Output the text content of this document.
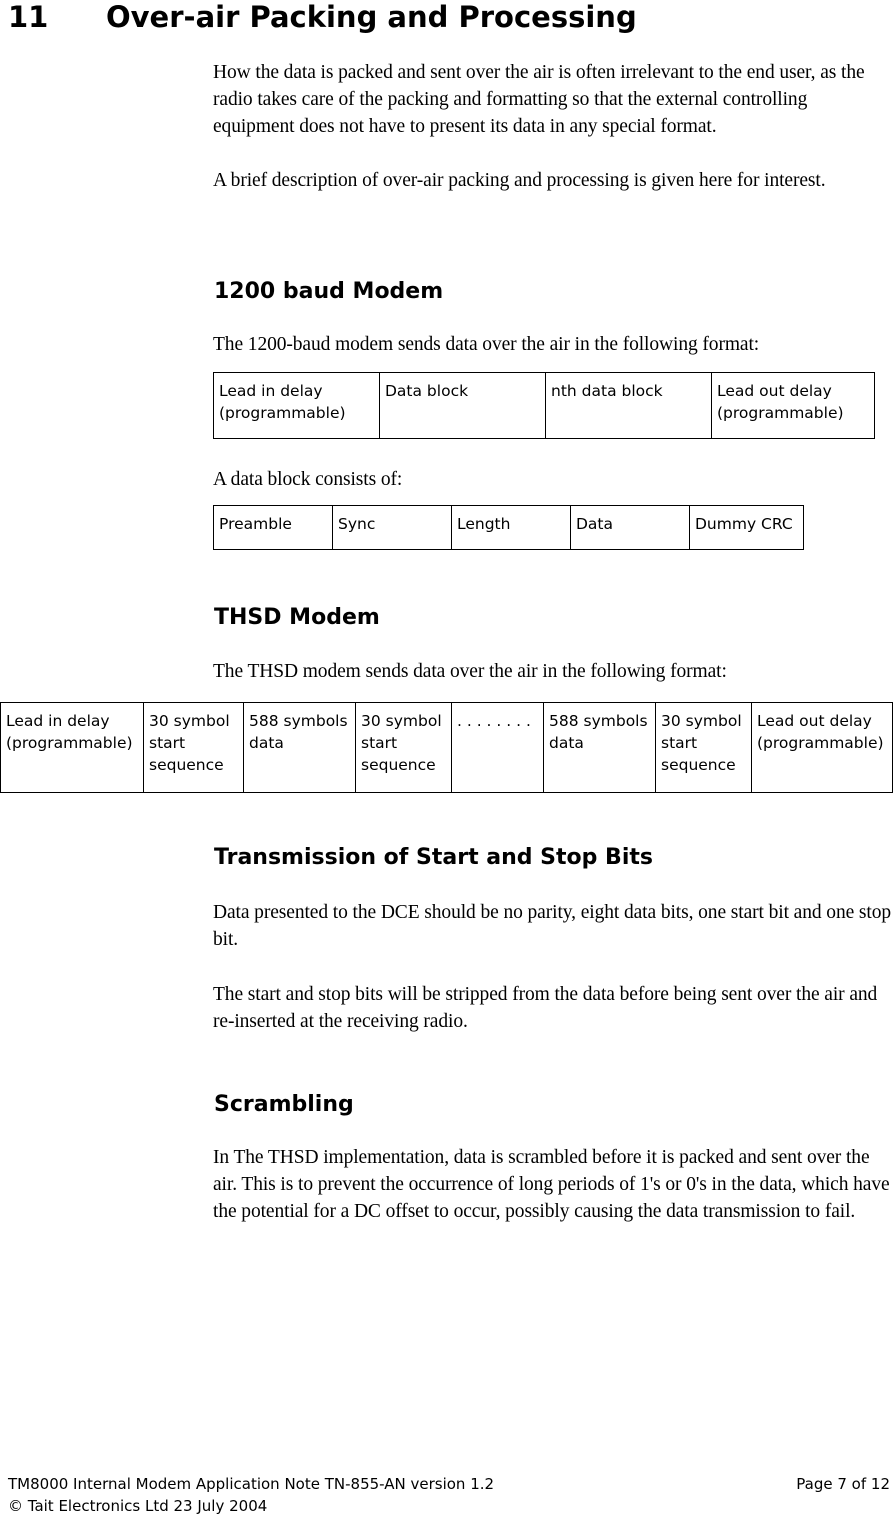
11 Over-air Packing and Processing
How the data is packed and sent over the air is often irrelevant to the end user, as the radio takes care of the packing and formatting so that the external controlling equipment does not have to present its data in any special format.
A brief description of over-air packing and processing is given here for interest.
1200 baud Modem
The 1200-baud modem sends data over the air in the following format:
Lead in delay (programmable)	Data block	nth data block	Lead out delay (programmable)
A data block consists of:
Preamble	Sync	Length	Data	Dummy CRC
THSD Modem
The THSD modem sends data over the air in the following format:
Lead in delay (programmable)	30 symbol start sequence	588 symbols data	30 symbol start sequence	. . . . . . . .	588 symbols data	30 symbol start sequence	Lead out delay (programmable)
Transmission of Start and Stop Bits
Data presented to the DCE should be no parity, eight data bits, one start bit and one stop bit.
The start and stop bits will be stripped from the data before being sent over the air and re-inserted at the receiving radio.
Scrambling
In The THSD implementation, data is scrambled before it is packed and sent over the air. This is to prevent the occurrence of long periods of 1's or 0's in the data, which have the potential for a DC offset to occur, possibly causing the data transmission to fail.
TM8000 Internal Modem Application Note TN-855-AN version 1.2
© Tait Electronics Ltd 23 July 2004
Page 7 of 12
